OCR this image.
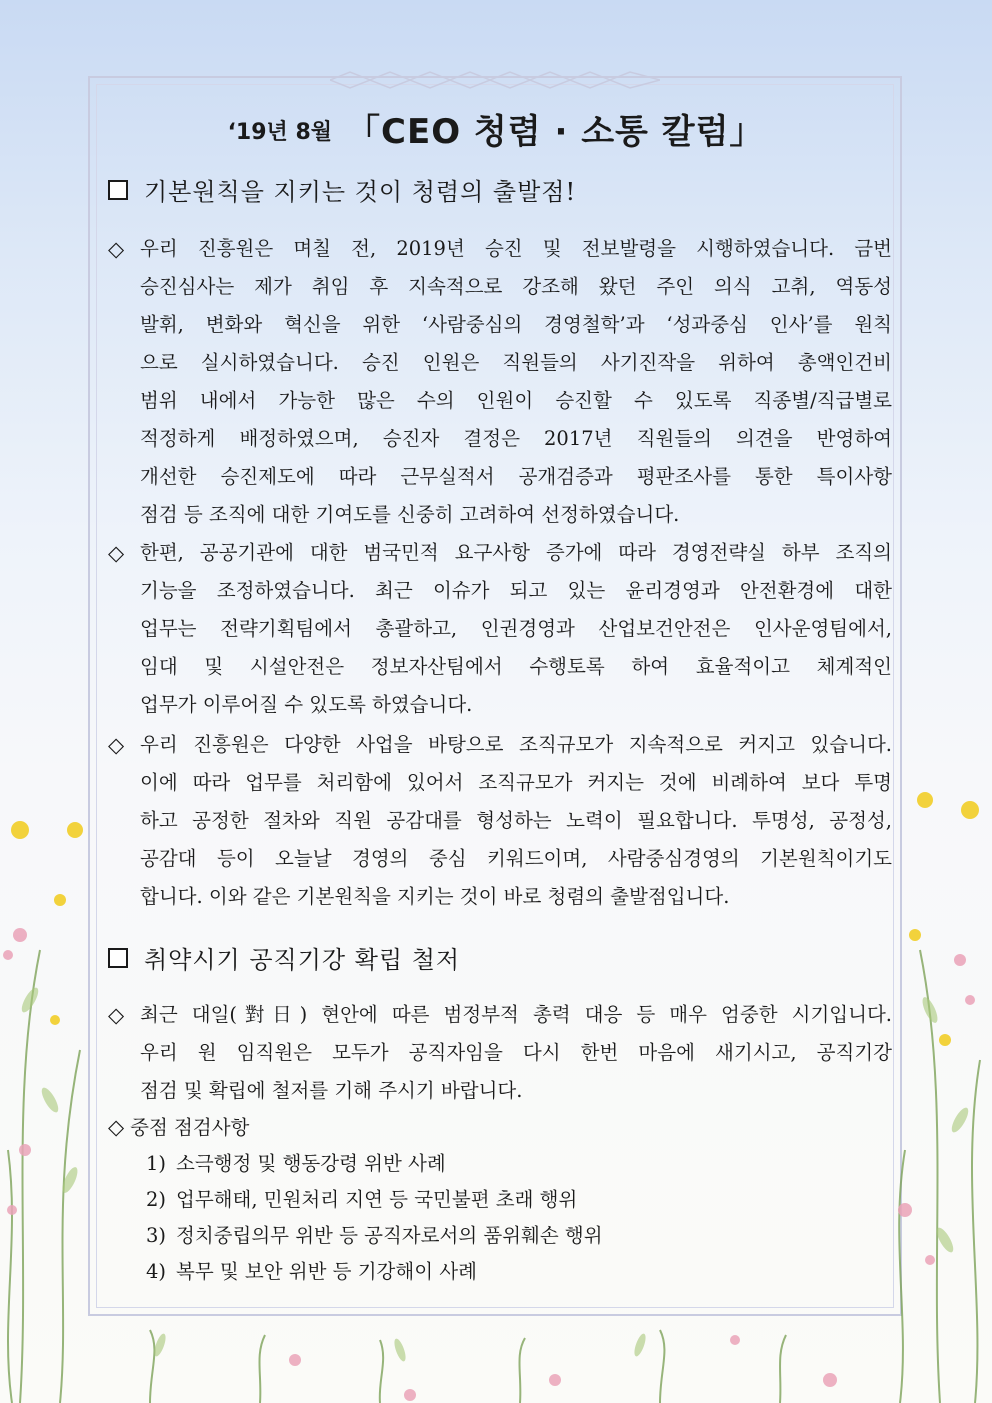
‘19년 8월 「CEO 청렴 · 소통 칼럼」
기본원칙을 지키는 것이 청렴의 출발점!
◇ 우리 진흥원은 며칠 전, 2019년 승진 및 전보발령을 시행하였습니다. 금번
승진심사는 제가 취임 후 지속적으로 강조해 왔던 주인 의식 고취, 역동성
발휘, 변화와 혁신을 위한 ‘사람중심의 경영철학’과 ‘성과중심 인사’를 원칙
으로 실시하였습니다. 승진 인원은 직원들의 사기진작을 위하여 총액인건비
범위 내에서 가능한 많은 수의 인원이 승진할 수 있도록 직종별/직급별로
적정하게 배정하였으며, 승진자 결정은 2017년 직원들의 의견을 반영하여
개선한 승진제도에 따라 근무실적서 공개검증과 평판조사를 통한 특이사항
점검 등 조직에 대한 기여도를 신중히 고려하여 선정하였습니다.
◇ 한편, 공공기관에 대한 범국민적 요구사항 증가에 따라 경영전략실 하부 조직의
기능을 조정하였습니다. 최근 이슈가 되고 있는 윤리경영과 안전환경에 대한
업무는 전략기획팀에서 총괄하고, 인권경영과 산업보건안전은 인사운영팀에서,
임대 및 시설안전은 정보자산팀에서 수행토록 하여 효율적이고 체계적인
업무가 이루어질 수 있도록 하였습니다.
◇ 우리 진흥원은 다양한 사업을 바탕으로 조직규모가 지속적으로 커지고 있습니다.
이에 따라 업무를 처리함에 있어서 조직규모가 커지는 것에 비례하여 보다 투명
하고 공정한 절차와 직원 공감대를 형성하는 노력이 필요합니다. 투명성, 공정성,
공감대 등이 오늘날 경영의 중심 키워드이며, 사람중심경영의 기본원칙이기도
합니다. 이와 같은 기본원칙을 지키는 것이 바로 청렴의 출발점입니다.
취약시기 공직기강 확립 철저
◇ 최근 대일(對日) 현안에 따른 범정부적 총력 대응 등 매우 엄중한 시기입니다.
우리 원 임직원은 모두가 공직자임을 다시 한번 마음에 새기시고, 공직기강
점검 및 확립에 철저를 기해 주시기 바랍니다.
◇ 중점 점검사항
1) 소극행정 및 행동강령 위반 사례
2) 업무해태, 민원처리 지연 등 국민불편 초래 행위
3) 정치중립의무 위반 등 공직자로서의 품위훼손 행위
4) 복무 및 보안 위반 등 기강해이 사례
